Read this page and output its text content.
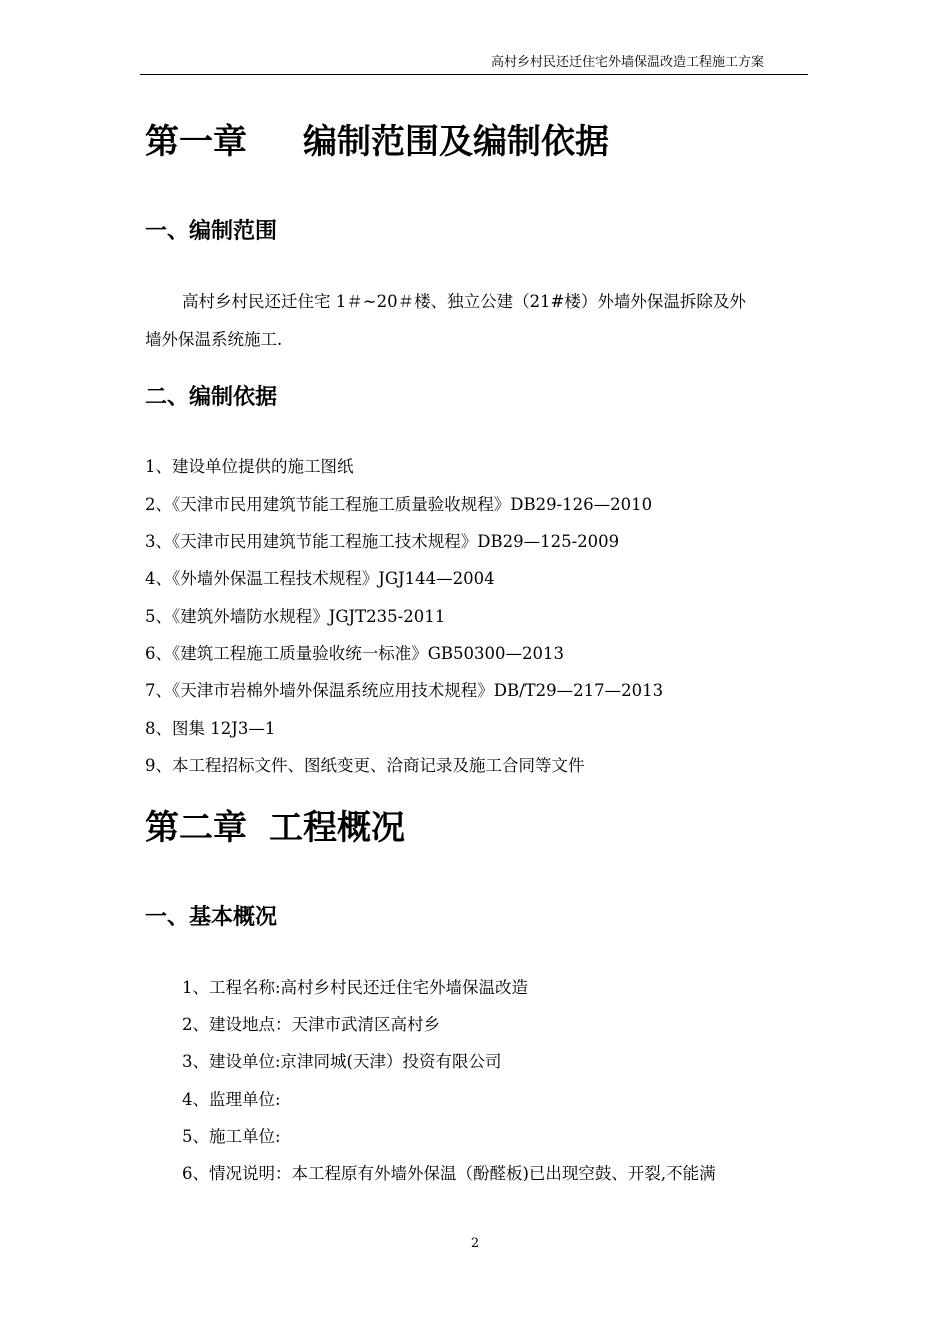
高村乡村民还迁住宅外墙保温改造工程施工方案
第一章 编制范围及编制依据
一、编制范围
高村乡村民还迁住宅 1＃~20＃楼、独立公建（21#楼）外墙外保温拆除及外
墙外保温系统施工.
二、编制依据
1、建设单位提供的施工图纸
2、《天津市民用建筑节能工程施工质量验收规程》DB29-126—2010
3、《天津市民用建筑节能工程施工技术规程》DB29—125-2009
4、《外墙外保温工程技术规程》JGJ144—2004
5、《建筑外墙防水规程》JGJT235-2011
6、《建筑工程施工质量验收统一标准》GB50300—2013
7、《天津市岩棉外墙外保温系统应用技术规程》DB/T29—217—2013
8、图集 12J3—1
9、本工程招标文件、图纸变更、洽商记录及施工合同等文件
第二章 工程概况
一、基本概况
1、工程名称:高村乡村民还迁住宅外墙保温改造
2、建设地点：天津市武清区高村乡
3、建设单位:京津同城(天津）投资有限公司
4、监理单位:
5、施工单位:
6、情况说明：本工程原有外墙外保温（酚醛板)已出现空鼓、开裂,不能满
2
